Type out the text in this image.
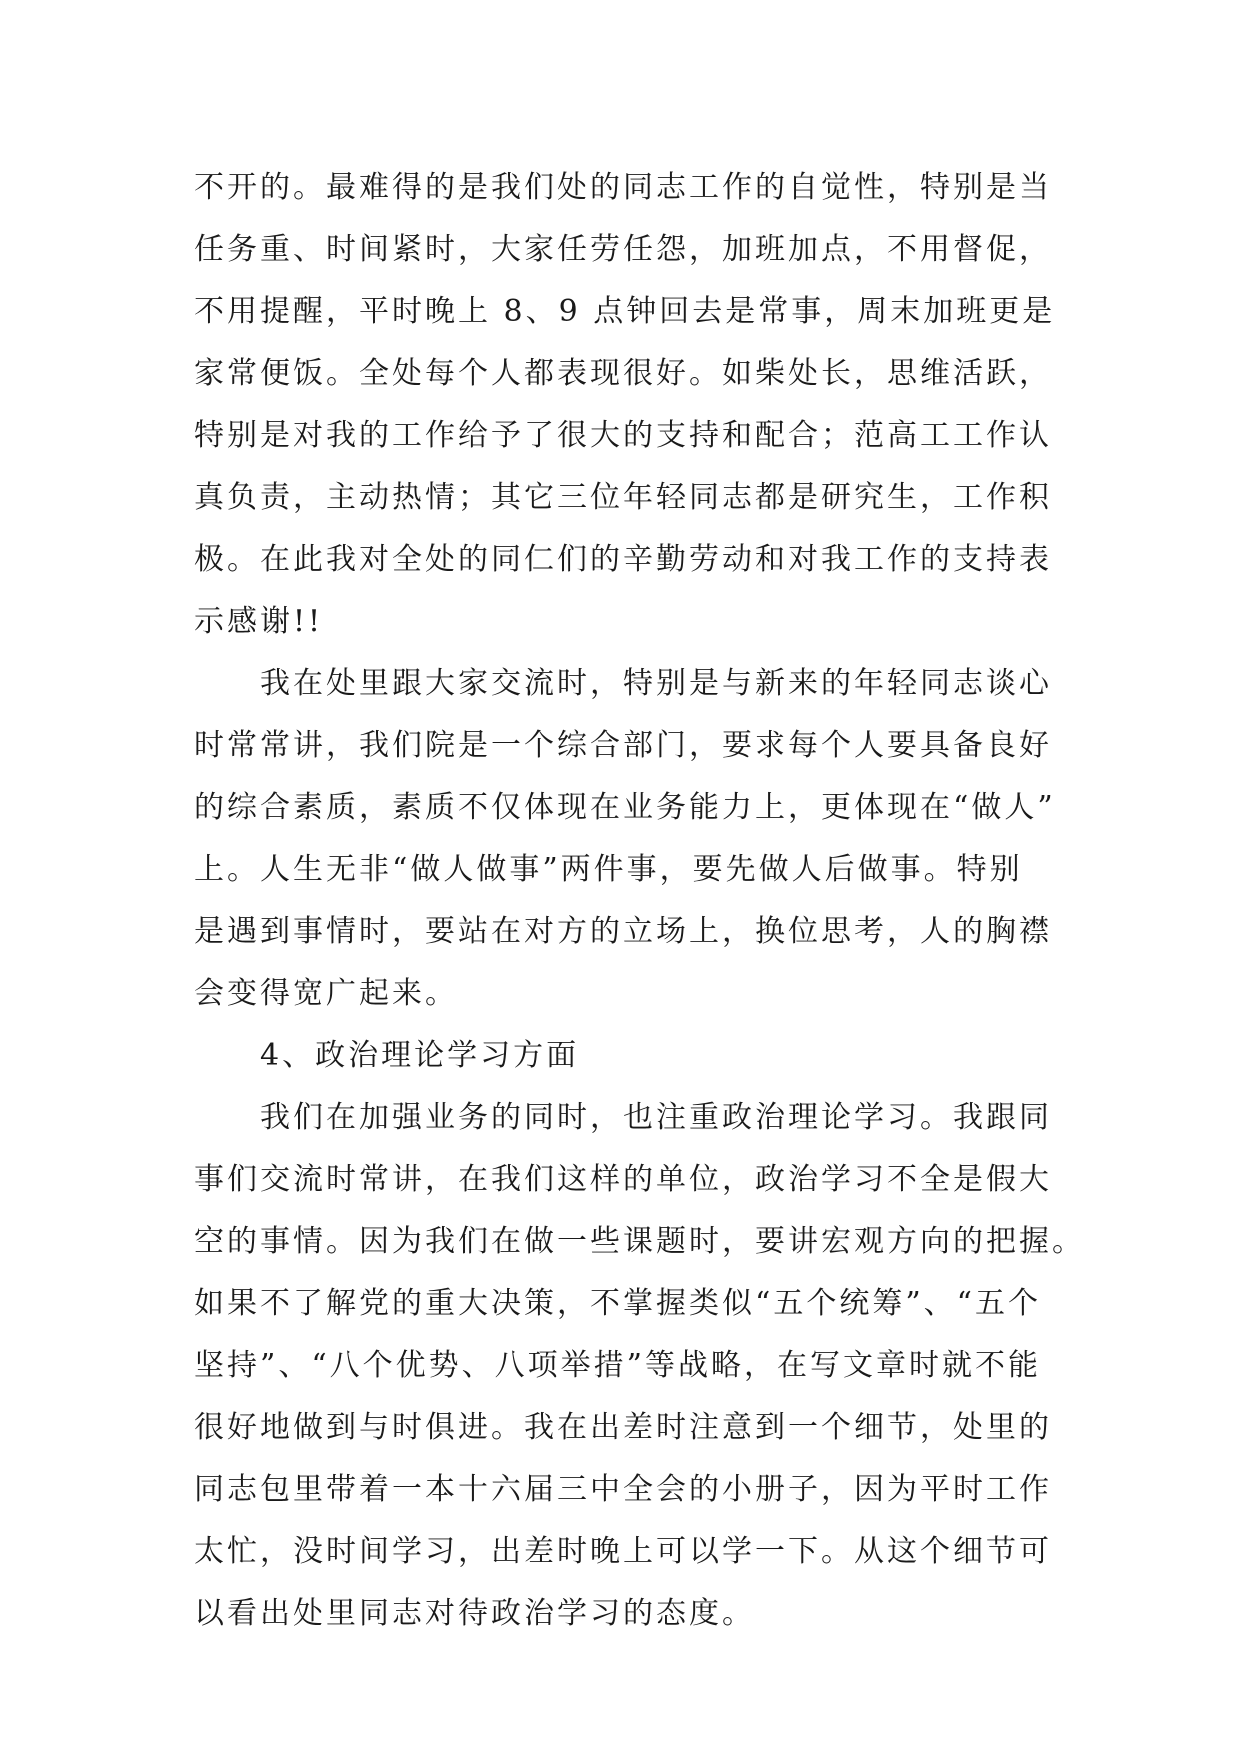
不开的。最难得的是我们处的同志工作的自觉性，特别是当
任务重、时间紧时，大家任劳任怨，加班加点，不用督促，
不用提醒，平时晚上 8、9 点钟回去是常事，周末加班更是
家常便饭。全处每个人都表现很好。如柴处长，思维活跃，
特别是对我的工作给予了很大的支持和配合；范高工工作认
真负责，主动热情；其它三位年轻同志都是研究生，工作积
极。在此我对全处的同仁们的辛勤劳动和对我工作的支持表
示感谢!!
　　我在处里跟大家交流时，特别是与新来的年轻同志谈心
时常常讲，我们院是一个综合部门，要求每个人要具备良好
的综合素质，素质不仅体现在业务能力上，更体现在“做人”
上。人生无非“做人做事”两件事，要先做人后做事。特别
是遇到事情时，要站在对方的立场上，换位思考，人的胸襟
会变得宽广起来。
　　4、政治理论学习方面
　　我们在加强业务的同时，也注重政治理论学习。我跟同
事们交流时常讲，在我们这样的单位，政治学习不全是假大
空的事情。因为我们在做一些课题时，要讲宏观方向的把握。
如果不了解党的重大决策，不掌握类似“五个统筹”、“五个
坚持”、“八个优势、八项举措”等战略，在写文章时就不能
很好地做到与时俱进。我在出差时注意到一个细节，处里的
同志包里带着一本十六届三中全会的小册子，因为平时工作
太忙，没时间学习，出差时晚上可以学一下。从这个细节可
以看出处里同志对待政治学习的态度。
